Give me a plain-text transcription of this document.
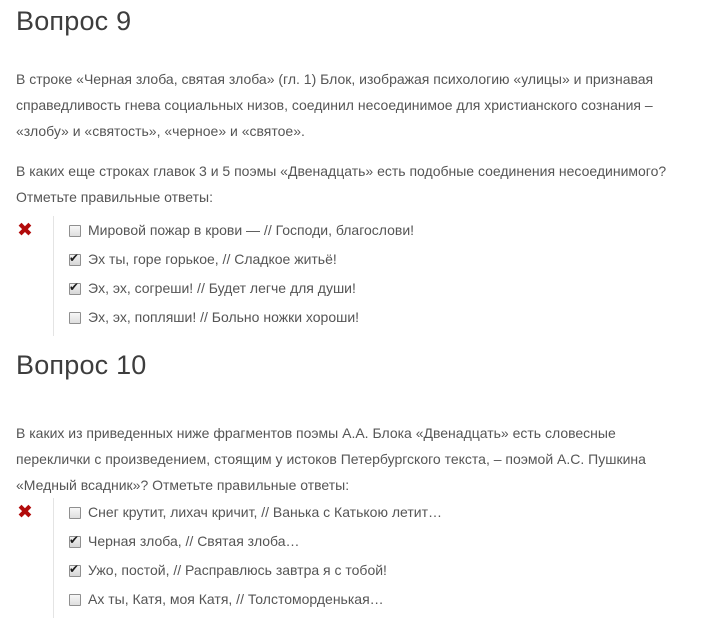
Вопрос 9

В строке «Черная злоба, святая злоба» (гл. 1) Блок, изображая психологию «улицы» и признавая справедливость гнева социальных низов, соединил несоединимое для христианского сознания – «злобу» и «святость», «черное» и «святое».

В каких еще строках главок 3 и 5 поэмы «Двенадцать» есть подобные соединения несоединимого? Отметьте правильные ответы:

✖	Мировой пожар в крови — // Господи, благослови!
✔
Эх ты, горе горькое, // Сладкое житьё!
✔
Эх, эх, согреши! // Будет легче для души!
Эх, эх, попляши! // Больно ножки хороши!
Вопрос 10

В каких из приведенных ниже фрагментов поэмы А.А. Блока «Двенадцать» есть словесные переклички с произведением, стоящим у истоков Петербургского текста, – поэмой А.С. Пушкина «Медный всадник»? Отметьте правильные ответы:

✖	Снег крутит, лихач кричит, // Ванька с Катькою летит…
✔
Черная злоба, // Святая злоба…
✔
Ужо, постой, // Расправлюсь завтра я с тобой!
Ах ты, Катя, моя Катя, // Толстоморденькая…
